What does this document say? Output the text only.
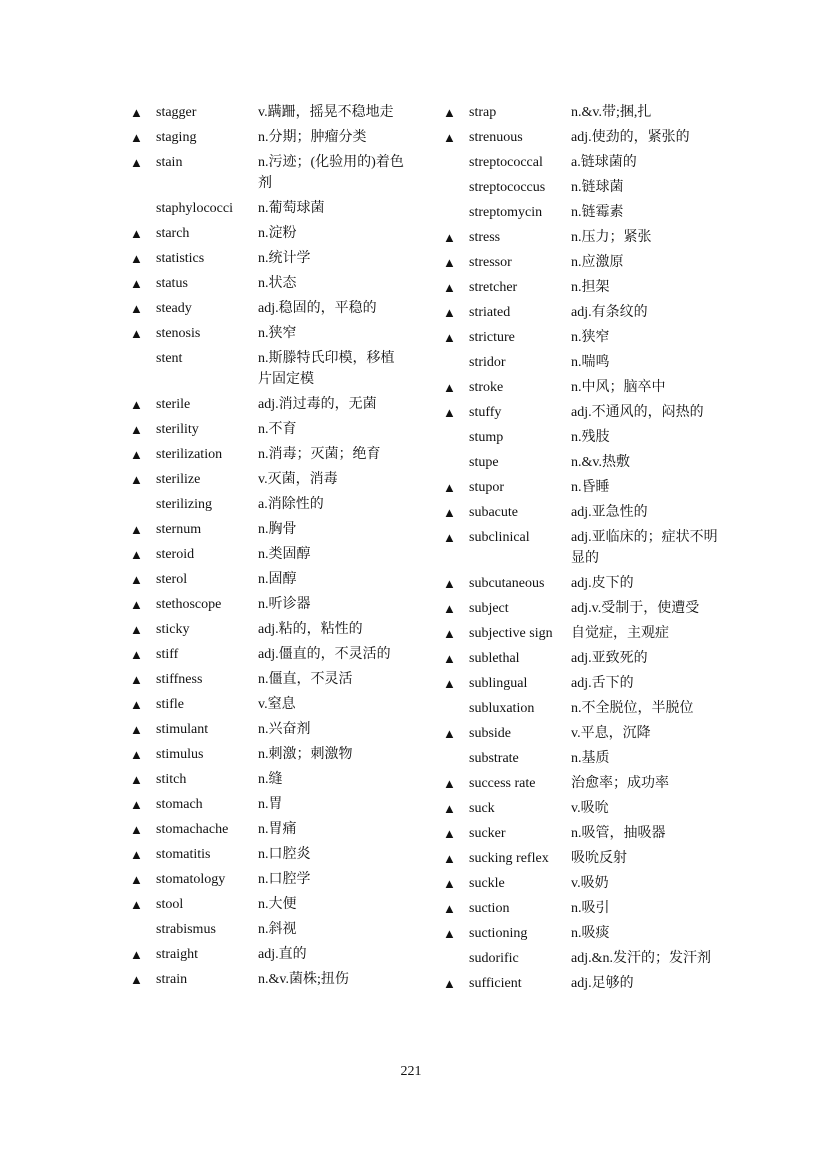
▲ stagger	v.蹒跚，摇晃不稳地走
▲ staging	n.分期；肿瘤分类
▲ stain	n.污迹；(化验用的)着色剂
staphylococci	n.葡萄球菌
▲ starch	n.淀粉
▲ statistics	n.统计学
▲ status	n.状态
▲ steady	adj.稳固的，平稳的
▲ stenosis	n.狭窄
stent	n.斯滕特氏印模，移植片固定模
▲ sterile	adj.消过毒的，无菌
▲ sterility	n.不育
▲ sterilization	n.消毒；灭菌；绝育
▲ sterilize	v.灭菌，消毒
sterilizing	a.消除性的
▲ sternum	n.胸骨
▲ steroid	n.类固醇
▲ sterol	n.固醇
▲ stethoscope	n.听诊器
▲ sticky	adj.粘的，粘性的
▲ stiff	adj.僵直的，不灵活的
▲ stiffness	n.僵直，不灵活
▲ stifle	v.窒息
▲ stimulant	n.兴奋剂
▲ stimulus	n.刺激；刺激物
▲ stitch	n.缝
▲ stomach	n.胃
▲ stomachache	n.胃痛
▲ stomatitis	n.口腔炎
▲ stomatology	n.口腔学
▲ stool	n.大便
strabismus	n.斜视
▲ straight	adj.直的
▲ strain	n.&v.菌株;扭伤
▲ strap	n.&v.带;捆,扎
▲ strenuous	adj.使劲的，紧张的
streptococcal	a.链球菌的
streptococcus	n.链球菌
streptomycin	n.链霉素
▲ stress	n.压力；紧张
▲ stressor	n.应激原
▲ stretcher	n.担架
▲ striated	adj.有条纹的
▲ stricture	n.狭窄
stridor	n.喘鸣
▲ stroke	n.中风；脑卒中
▲ stuffy	adj.不通风的，闷热的
stump	n.残肢
stupe	n.&v.热敷
▲ stupor	n.昏睡
▲ subacute	adj.亚急性的
▲ subclinical	adj.亚临床的；症状不明显的
▲ subcutaneous	adj.皮下的
▲ subject	adj.v.受制于，使遭受
▲ subjective sign	自觉症，主观症
▲ sublethal	adj.亚致死的
▲ sublingual	adj.舌下的
subluxation	n.不全脱位，半脱位
▲ subside	v.平息，沉降
substrate	n.基质
▲ success rate	治愈率；成功率
▲ suck	v.吸吮
▲ sucker	n.吸管，抽吸器
▲ sucking reflex	吸吮反射
▲ suckle	v.吸奶
▲ suction	n.吸引
▲ suctioning	n.吸痰
sudorific	adj.&n.发汗的；发汗剂
▲ sufficient	adj.足够的
221
